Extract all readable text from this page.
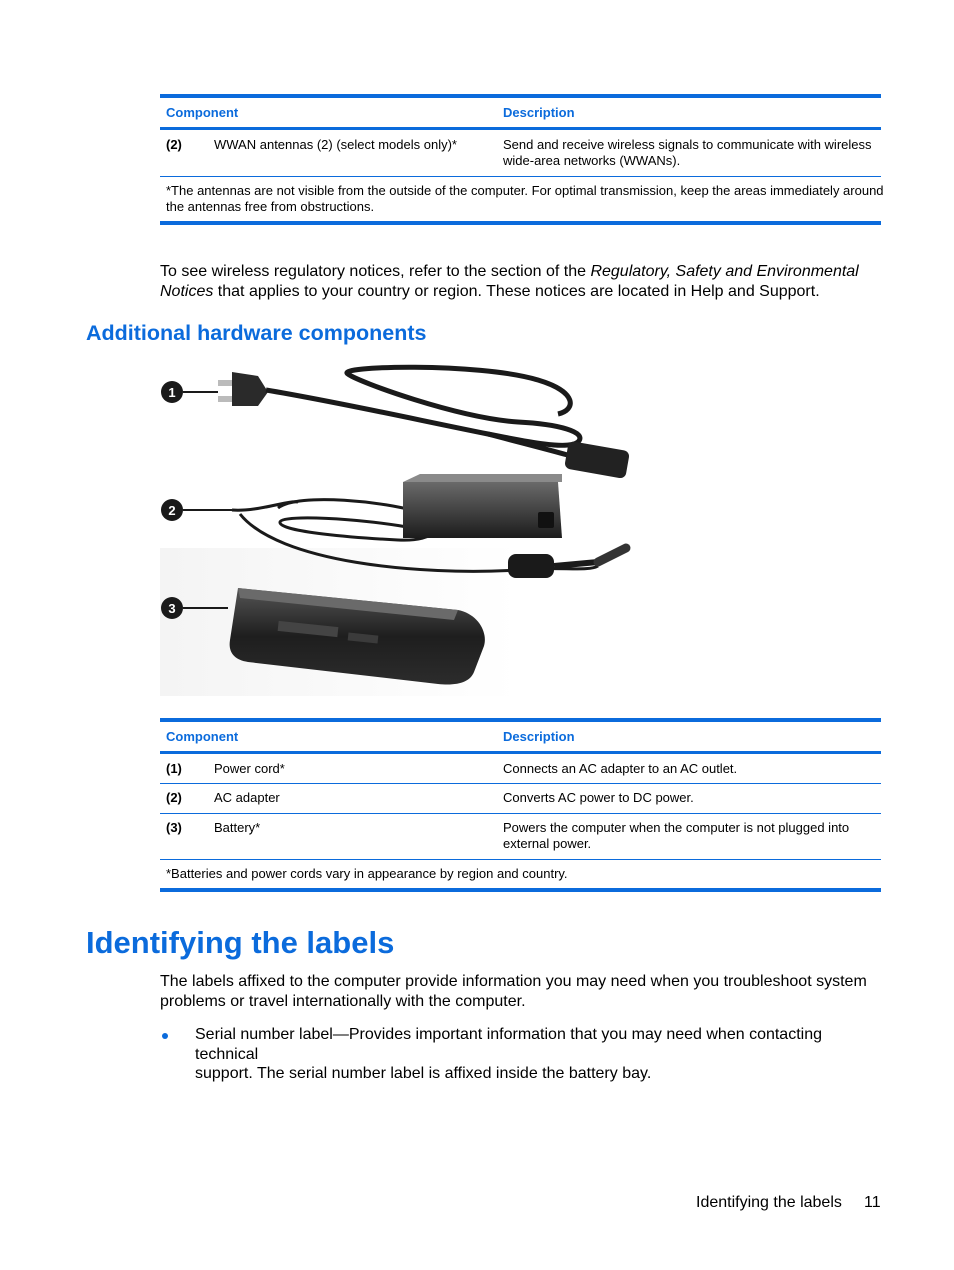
Component	Description
(2) WWAN antennas (2) (select models only)*	Send and receive wireless signals to communicate with wireless
wide-area networks (WWANs).
*The antennas are not visible from the outside of the computer. For optimal transmission, keep the areas immediately around
the antennas free from obstructions.
To see wireless regulatory notices, refer to the section of the Regulatory, Safety and Environmental
Notices that applies to your country or region. These notices are located in Help and Support.
Additional hardware components
1
2
3
Component	Description
(1) Power cord*	Connects an AC adapter to an AC outlet.
(2) AC adapter	Converts AC power to DC power.
(3) Battery*	Powers the computer when the computer is not plugged into
external power.
*Batteries and power cords vary in appearance by region and country.
Identifying the labels
The labels affixed to the computer provide information you may need when you troubleshoot system
problems or travel internationally with the computer.
Serial number label—Provides important information that you may need when contacting technical
support. The serial number label is affixed inside the battery bay.
Identifying the labels 11
